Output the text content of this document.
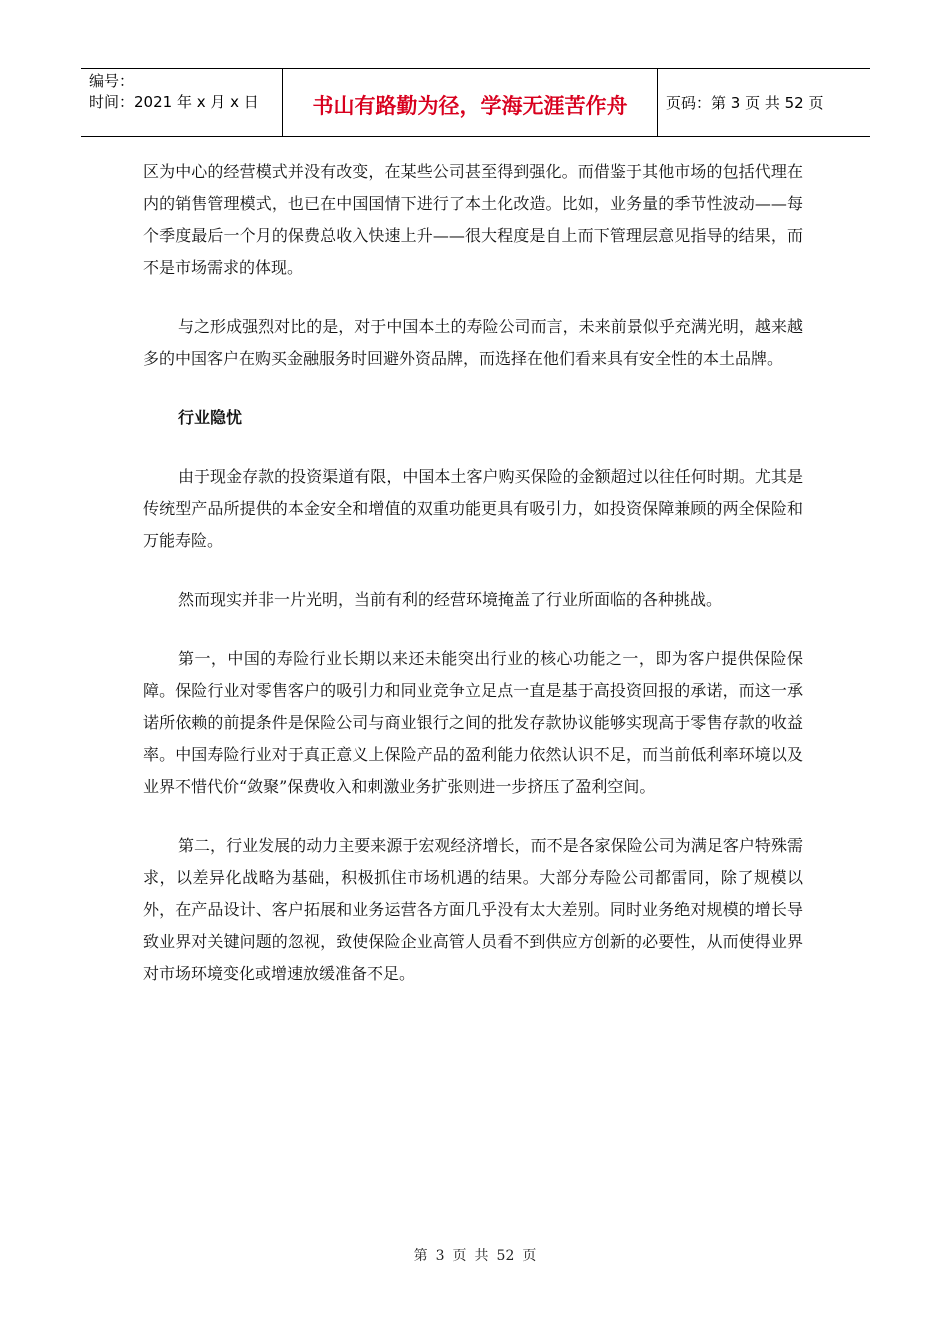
编号：
时间：2021 年 x 月 x 日	书山有路勤为径，学海无涯苦作舟	页码：第 3 页 共 52 页

区为中心的经营模式并没有改变，在某些公司甚至得到强化。而借鉴于其他市场的包括代理在内的销售管理模式，也已在中国国情下进行了本土化改造。比如，业务量的季节性波动——每个季度最后一个月的保费总收入快速上升——很大程度是自上而下管理层意见指导的结果，而不是市场需求的体现。

与之形成强烈对比的是，对于中国本土的寿险公司而言，未来前景似乎充满光明，越来越多的中国客户在购买金融服务时回避外资品牌，而选择在他们看来具有安全性的本土品牌。

行业隐忧

由于现金存款的投资渠道有限，中国本土客户购买保险的金额超过以往任何时期。尤其是传统型产品所提供的本金安全和增值的双重功能更具有吸引力，如投资保障兼顾的两全保险和万能寿险。

然而现实并非一片光明，当前有利的经营环境掩盖了行业所面临的各种挑战。

第一，中国的寿险行业长期以来还未能突出行业的核心功能之一，即为客户提供保险保障。保险行业对零售客户的吸引力和同业竞争立足点一直是基于高投资回报的承诺，而这一承诺所依赖的前提条件是保险公司与商业银行之间的批发存款协议能够实现高于零售存款的收益率。中国寿险行业对于真正意义上保险产品的盈利能力依然认识不足，而当前低利率环境以及业界不惜代价“敛聚”保费收入和刺激业务扩张则进一步挤压了盈利空间。

第二，行业发展的动力主要来源于宏观经济增长，而不是各家保险公司为满足客户特殊需求，以差异化战略为基础，积极抓住市场机遇的结果。大部分寿险公司都雷同，除了规模以外，在产品设计、客户拓展和业务运营各方面几乎没有太大差别。同时业务绝对规模的增长导致业界对关键问题的忽视，致使保险企业高管人员看不到供应方创新的必要性，从而使得业界对市场环境变化或增速放缓准备不足。

第 3 页 共 52 页
